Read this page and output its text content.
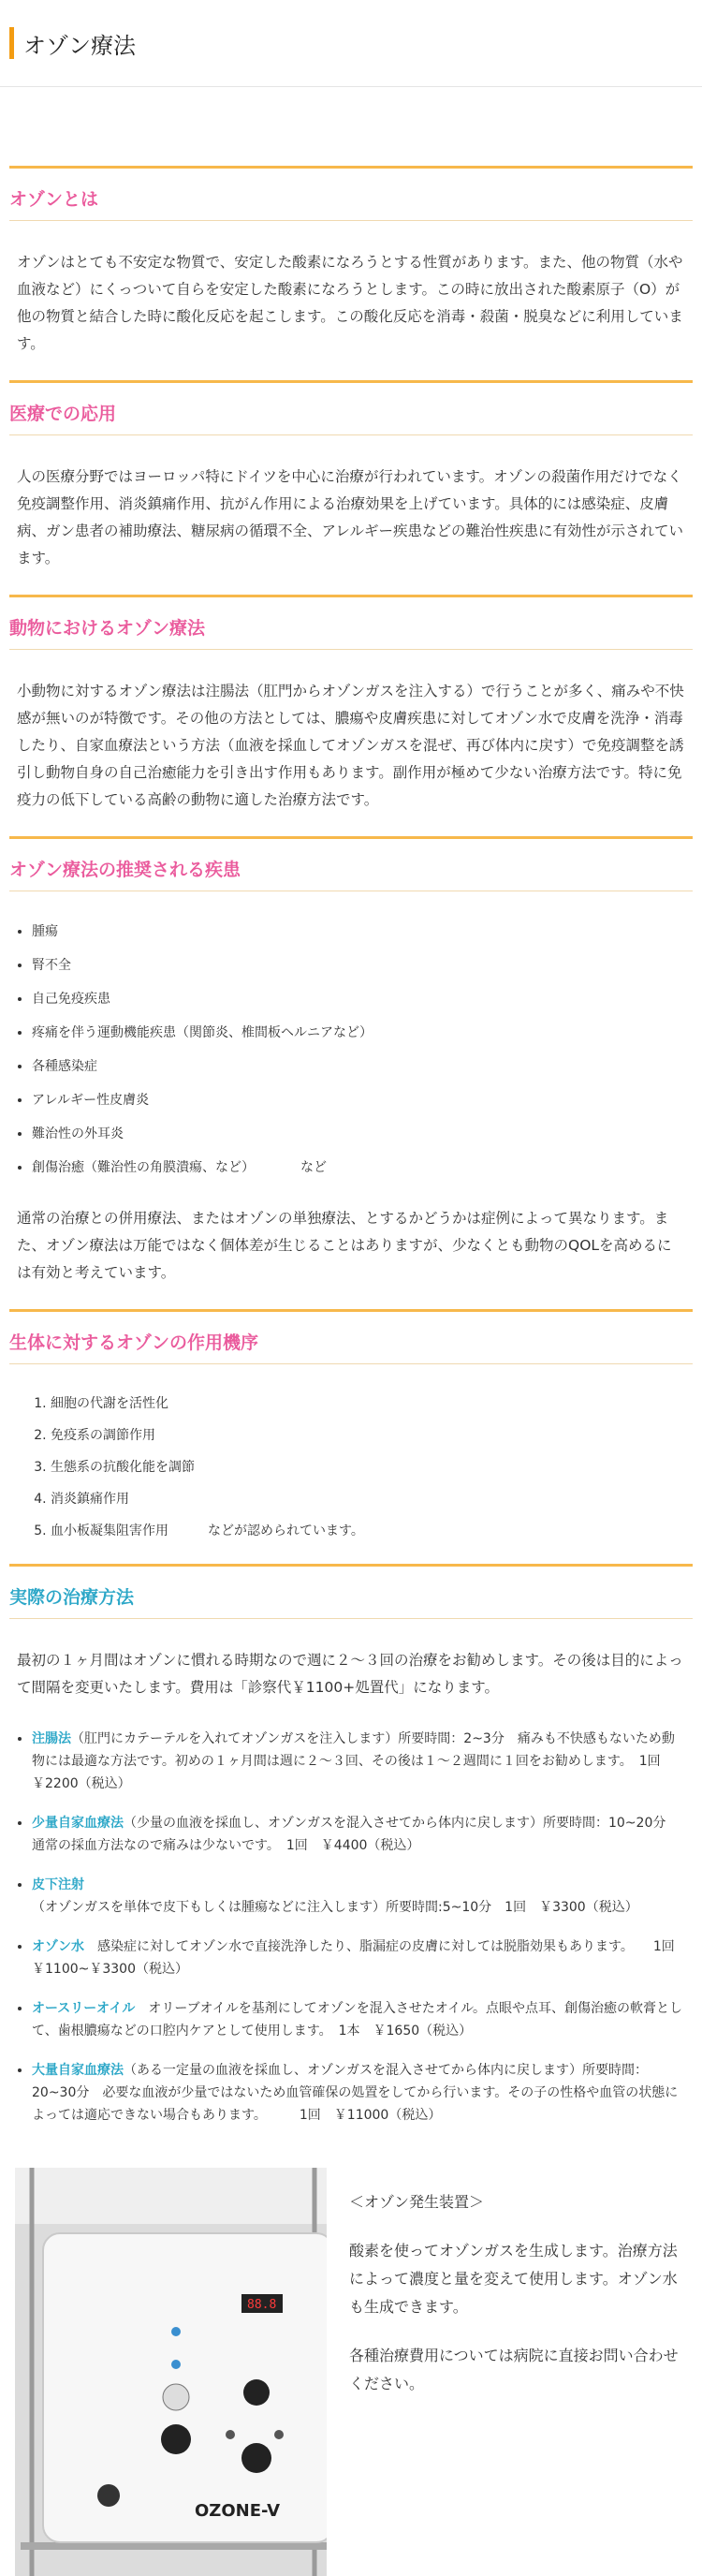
オゾン療法
オゾンとは

オゾンはとても不安定な物質で、安定した酸素になろうとする性質があります。また、他の物質（水や血液など）にくっついて自らを安定した酸素になろうとします。この時に放出された酸素原子（O）が他の物質と結合した時に酸化反応を起こします。この酸化反応を消毒・殺菌・脱臭などに利用しています。

医療での応用

人の医療分野ではヨーロッパ特にドイツを中心に治療が行われています。オゾンの殺菌作用だけでなく免疫調整作用、消炎鎮痛作用、抗がん作用による治療効果を上げています。具体的には感染症、皮膚病、ガン患者の補助療法、糖尿病の循環不全、アレルギー疾患などの難治性疾患に有効性が示されています。

動物におけるオゾン療法

小動物に対するオゾン療法は注腸法（肛門からオゾンガスを注入する）で行うことが多く、痛みや不快感が無いのが特徴です。その他の方法としては、膿瘍や皮膚疾患に対してオゾン水で皮膚を洗浄・消毒したり、自家血療法という方法（血液を採血してオゾンガスを混ぜ、再び体内に戻す）で免疫調整を誘引し動物自身の自己治癒能力を引き出す作用もあります。副作用が極めて少ない治療方法です。特に免疫力の低下している高齢の動物に適した治療方法です。

オゾン療法の推奨される疾患
• 腫瘍
• 腎不全
• 自己免疫疾患
• 疼痛を伴う運動機能疾患（関節炎、椎間板ヘルニアなど）
• 各種感染症
• アレルギー性皮膚炎
• 難治性の外耳炎
• 創傷治癒（難治性の角膜潰瘍、など）　　　　など

通常の治療との併用療法、またはオゾンの単独療法、とするかどうかは症例によって異なります。また、オゾン療法は万能ではなく個体差が生じることはありますが、少なくとも動物のQOLを高めるには有効と考えています。

生体に対するオゾンの作用機序
1. 細胞の代謝を活性化
2. 免疫系の調節作用
3. 生態系の抗酸化能を調節
4. 消炎鎮痛作用
5. 血小板凝集阻害作用　　　などが認められています。
実際の治療方法

最初の１ヶ月間はオゾンに慣れる時期なので週に２〜３回の治療をお勧めします。その後は目的によって間隔を変更いたします。費用は「診察代￥1100+処置代」になります。

• 注腸法（肛門にカテーテルを入れてオゾンガスを注入します）所要時間：2~3分　痛みも不快感もないため動物には最適な方法です。初めの１ヶ月間は週に２〜３回、その後は１〜２週間に１回をお勧めします。　1回　￥2200（税込）
• 少量自家血療法（少量の血液を採血し、オゾンガスを混入させてから体内に戻します）所要時間：10~20分　通常の採血方法なので痛みは少ないです。　1回　￥4400（税込）
• 皮下注射（オゾンガスを単体で皮下もしくは腫瘍などに注入します）所要時間:5~10分　1回　￥3300（税込）
• オゾン水　感染症に対してオゾン水で直接洗浄したり、脂漏症の皮膚に対しては脱脂効果もあります。　　1回　￥1100~￥3300（税込）
• オースリーオイル　オリーブオイルを基剤にしてオゾンを混入させたオイル。点眼や点耳、創傷治癒の軟膏として、歯根膿瘍などの口腔内ケアとして使用します。　1本　￥1650（税込）
• 大量自家血療法（ある一定量の血液を採血し、オゾンガスを混入させてから体内に戻します）所要時間：20~30分　必要な血液が少量ではないため血管確保の処置をしてから行います。その子の性格や血管の状態によっては適応できない場合もあります。　　　1回　￥11000（税込）
88.8
OZONE-V

＜オゾン発生装置＞

酸素を使ってオゾンガスを生成します。治療方法によって濃度と量を変えて使用します。オゾン水も生成できます。

各種治療費用については病院に直接お問い合わせください。
